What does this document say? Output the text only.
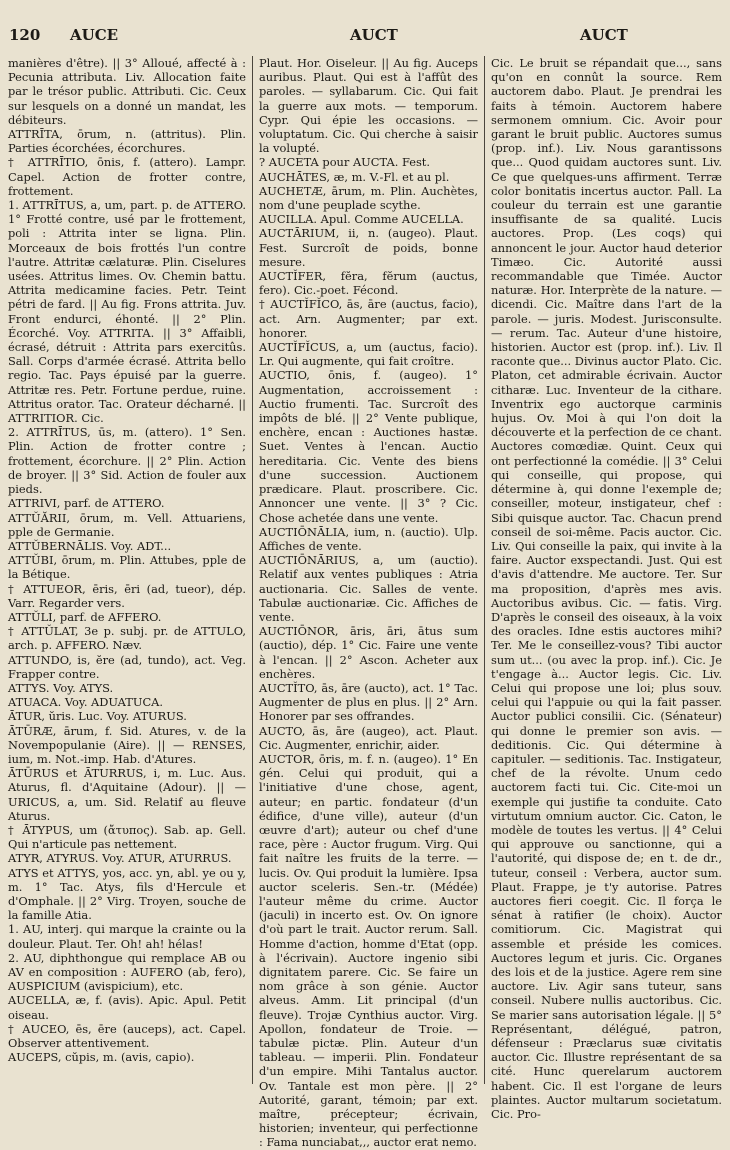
120 AUCE	AUCT	AUCT

manières d'être). || 3° Alloué, affecté à : Pecunia attributa. Liv. Allocation faite par le trésor public. Attributi. Cic. Ceux sur lesquels on a donné un mandat, les débiteurs.

ATTRĪTA, ōrum, n. (attritus). Plin. Parties écorchées, écorchures.

† ATTRĪTIO, ōnis, f. (attero). Lampr. Capel. Action de frotter contre, frottement.

1. ATTRĪTUS, a, um, part. p. de ATTERO. 1° Frotté contre, usé par le frottement, poli : Attrita inter se ligna. Plin. Morceaux de bois frottés l'un contre l'autre. Attritæ cælaturæ. Plin. Ciselures usées. Attritus limes. Ov. Chemin battu. Attrita medicamine facies. Petr. Teint pétri de fard. || Au fig. Frons attrita. Juv. Front endurci, éhonté. || 2° Plin. Écorché. Voy. ATTRITA. || 3° Affaibli, écrasé, détruit : Attrita pars exercitûs. Sall. Corps d'armée écrasé. Attrita bello regio. Tac. Pays épuisé par la guerre. Attritæ res. Petr. Fortune perdue, ruine. Attritus orator. Tac. Orateur décharné. || ATTRITIOR. Cic.

2. ATTRĪTUS, ūs, m. (attero). 1° Sen. Plin. Action de frotter contre ; frottement, écorchure. || 2° Plin. Action de broyer. || 3° Sid. Action de fouler aux pieds.

ATTRIVI, parf. de ATTERO.

ATTŬĂRII, ōrum, m. Vell. Attuariens, pple de Germanie.

ATTŬBERNĀLIS. Voy. ADT...

ATTŬBI, ōrum, m. Plin. Attubes, pple de la Bétique.

† ATTUEOR, ēris, ēri (ad, tueor), dép. Varr. Regarder vers.

ATTŬLI, parf. de AFFERO.

† ATTŬLAT, 3e p. subj. pr. de ATTULO, arch. p. AFFERO. Næv.

ATTUNDO, is, ĕre (ad, tundo), act. Veg. Frapper contre.

ATTYS. Voy. ATYS.

ATUACA. Voy. ADUATUCA.

ĀTUR, ŭris. Luc. Voy. ATURUS.

ĀTŪRÆ, ārum, f. Sid. Atures, v. de la Novempopulanie (Aire). || — RENSES, ium, m. Not.-imp. Hab. d'Atures.

ĀTŪRUS et ĀTURRUS, i, m. Luc. Aus. Aturus, fl. d'Aquitaine (Adour). || — URICUS, a, um. Sid. Relatif au fleuve Aturus.

† ĀTYPUS, um (ἄτυπος). Sab. ap. Gell. Qui n'articule pas nettement.

ATYR, ATYRUS. Voy. ATUR, ATURRUS.

ATYS et ATTYS, yos, acc. yn, abl. ye ou y, m. 1° Tac. Atys, fils d'Hercule et d'Omphale. || 2° Virg. Troyen, souche de la famille Atia.

1. AU, interj. qui marque la crainte ou la douleur. Plaut. Ter. Oh! ah! hélas!

2. AU, diphthongue qui remplace AB ou AV en composition : AUFERO (ab, fero), AUSPICIUM (avispicium), etc.

AUCELLA, æ, f. (avis). Apic. Apul. Petit oiseau.

† AUCEO, ēs, ēre (auceps), act. Capel. Observer attentivement.

AUCEPS, cŭpis, m. (avis, capio).

Plaut. Hor. Oiseleur. || Au fig. Auceps auribus. Plaut. Qui est à l'affût des paroles. — syllabarum. Cic. Qui fait la guerre aux mots. — temporum. Cypr. Qui épie les occasions. — voluptatum. Cic. Qui cherche à saisir la volupté.

? AUCETA pour AUCTA. Fest.

AUCHĀTES, æ, m. V.-Fl. et au pl.

AUCHETÆ, ārum, m. Plin. Auchètes, nom d'une peuplade scythe.

AUCILLA. Apul. Comme AUCELLA.

AUCTĀRIUM, ii, n. (augeo). Plaut. Fest. Surcroît de poids, bonne mesure.

AUCTĬFER, fĕra, fĕrum (auctus, fero). Cic.-poet. Fécond.

† AUCTĬFĬCO, ās, āre (auctus, facio), act. Arn. Augmenter; par ext. honorer.

AUCTĬFĬCUS, a, um (auctus, facio). Lr. Qui augmente, qui fait croître.

AUCTIO, ōnis, f. (augeo). 1° Augmentation, accroissement : Auctio frumenti. Tac. Surcroît des impôts de blé. || 2° Vente publique, enchère, encan : Auctiones hastæ. Suet. Ventes à l'encan. Auctio hereditaria. Cic. Vente des biens d'une succession. Auctionem prædicare. Plaut. proscribere. Cic. Annoncer une vente. || 3° ? Cic. Chose achetée dans une vente.

AUCTIŌNĀLIA, ium, n. (auctio). Ulp. Affiches de vente.

AUCTIŌNĀRIUS, a, um (auctio). Relatif aux ventes publiques : Atria auctionaria. Cic. Salles de vente. Tabulæ auctionariæ. Cic. Affiches de vente.

AUCTIŌNOR, āris, āri, ātus sum (auctio), dép. 1° Cic. Faire une vente à l'encan. || 2° Ascon. Acheter aux enchères.

AUCTĬTO, ās, āre (aucto), act. 1° Tac. Augmenter de plus en plus. || 2° Arn. Honorer par ses offrandes.

AUCTO, ās, āre (augeo), act. Plaut. Cic. Augmenter, enrichir, aider.

AUCTOR, ōris, m. f. n. (augeo). 1° En gén. Celui qui produit, qui a l'initiative d'une chose, agent, auteur; en partic. fondateur (d'un édifice, d'une ville), auteur (d'un œuvre d'art); auteur ou chef d'une race, père : Auctor frugum. Virg. Qui fait naître les fruits de la terre. — lucis. Ov. Qui produit la lumière. Ipsa auctor sceleris. Sen.-tr. (Médée) l'auteur même du crime. Auctor (jaculi) in incerto est. Ov. On ignore d'où part le trait. Auctor rerum. Sall. Homme d'action, homme d'Etat (opp. à l'écrivain). Auctore ingenio sibi dignitatem parere. Cic. Se faire un nom grâce à son génie. Auctor alveus. Amm. Lit principal (d'un fleuve). Trojæ Cynthius auctor. Virg. Apollon, fondateur de Troie. — tabulæ pictæ. Plin. Auteur d'un tableau. — imperii. Plin. Fondateur d'un empire. Mihi Tantalus auctor. Ov. Tantale est mon père. || 2° Autorité, garant, témoin; par ext. maître, précepteur; écrivain, historien; inventeur, qui perfectionne : Fama nunciabat,,, auctor erat nemo.

Cic. Le bruit se répandait que..., sans qu'on en connût la source. Rem auctorem dabo. Plaut. Je prendrai les faits à témoin. Auctorem habere sermonem omnium. Cic. Avoir pour garant le bruit public. Auctores sumus (prop. inf.). Liv. Nous garantissons que... Quod quidam auctores sunt. Liv. Ce que quelques-uns affirment. Terræ color bonitatis incertus auctor. Pall. La couleur du terrain est une garantie insuffisante de sa qualité. Lucis auctores. Prop. (Les coqs) qui annoncent le jour. Auctor haud deterior Timæo. Cic. Autorité aussi recommandable que Timée. Auctor naturæ. Hor. Interprète de la nature. — dicendi. Cic. Maître dans l'art de la parole. — juris. Modest. Jurisconsulte. — rerum. Tac. Auteur d'une histoire, historien. Auctor est (prop. inf.). Liv. Il raconte que... Divinus auctor Plato. Cic. Platon, cet admirable écrivain. Auctor citharæ. Luc. Inventeur de la cithare. Inventrix ego auctorque carminis hujus. Ov. Moi à qui l'on doit la découverte et la perfection de ce chant. Auctores comœdiæ. Quint. Ceux qui ont perfectionné la comédie. || 3° Celui qui conseille, qui propose, qui détermine à, qui donne l'exemple de; conseiller, moteur, instigateur, chef : Sibi quisque auctor. Tac. Chacun prend conseil de soi-même. Pacis auctor. Cic. Liv. Qui conseille la paix, qui invite à la faire. Auctor exspectandi. Just. Qui est d'avis d'attendre. Me auctore. Ter. Sur ma proposition, d'après mes avis. Auctoribus avibus. Cic. — fatis. Virg. D'après le conseil des oiseaux, à la voix des oracles. Idne estis auctores mihi? Ter. Me le conseillez-vous? Tibi auctor sum ut... (ou avec la prop. inf.). Cic. Je t'engage à... Auctor legis. Cic. Liv. Celui qui propose une loi; plus souv. celui qui l'appuie ou qui la fait passer. Auctor publici consilii. Cic. (Sénateur) qui donne le premier son avis. — deditionis. Cic. Qui détermine à capituler. — seditionis. Tac. Instigateur, chef de la révolte. Unum cedo auctorem facti tui. Cic. Cite-moi un exemple qui justifie ta conduite. Cato virtutum omnium auctor. Cic. Caton, le modèle de toutes les vertus. || 4° Celui qui approuve ou sanctionne, qui a l'autorité, qui dispose de; en t. de dr., tuteur, conseil : Verbera, auctor sum. Plaut. Frappe, je t'y autorise. Patres auctores fieri coegit. Cic. Il força le sénat à ratifier (le choix). Auctor comitiorum. Cic. Magistrat qui assemble et préside les comices. Auctores legum et juris. Cic. Organes des lois et de la justice. Agere rem sine auctore. Liv. Agir sans tuteur, sans conseil. Nubere nullis auctoribus. Cic. Se marier sans autorisation légale. || 5° Représentant, délégué, patron, défenseur : Præclarus suæ civitatis auctor. Cic. Illustre représentant de sa cité. Hunc querelarum auctorem habent. Cic. Il est l'organe de leurs plaintes. Auctor multarum societatum. Cic. Pro-
